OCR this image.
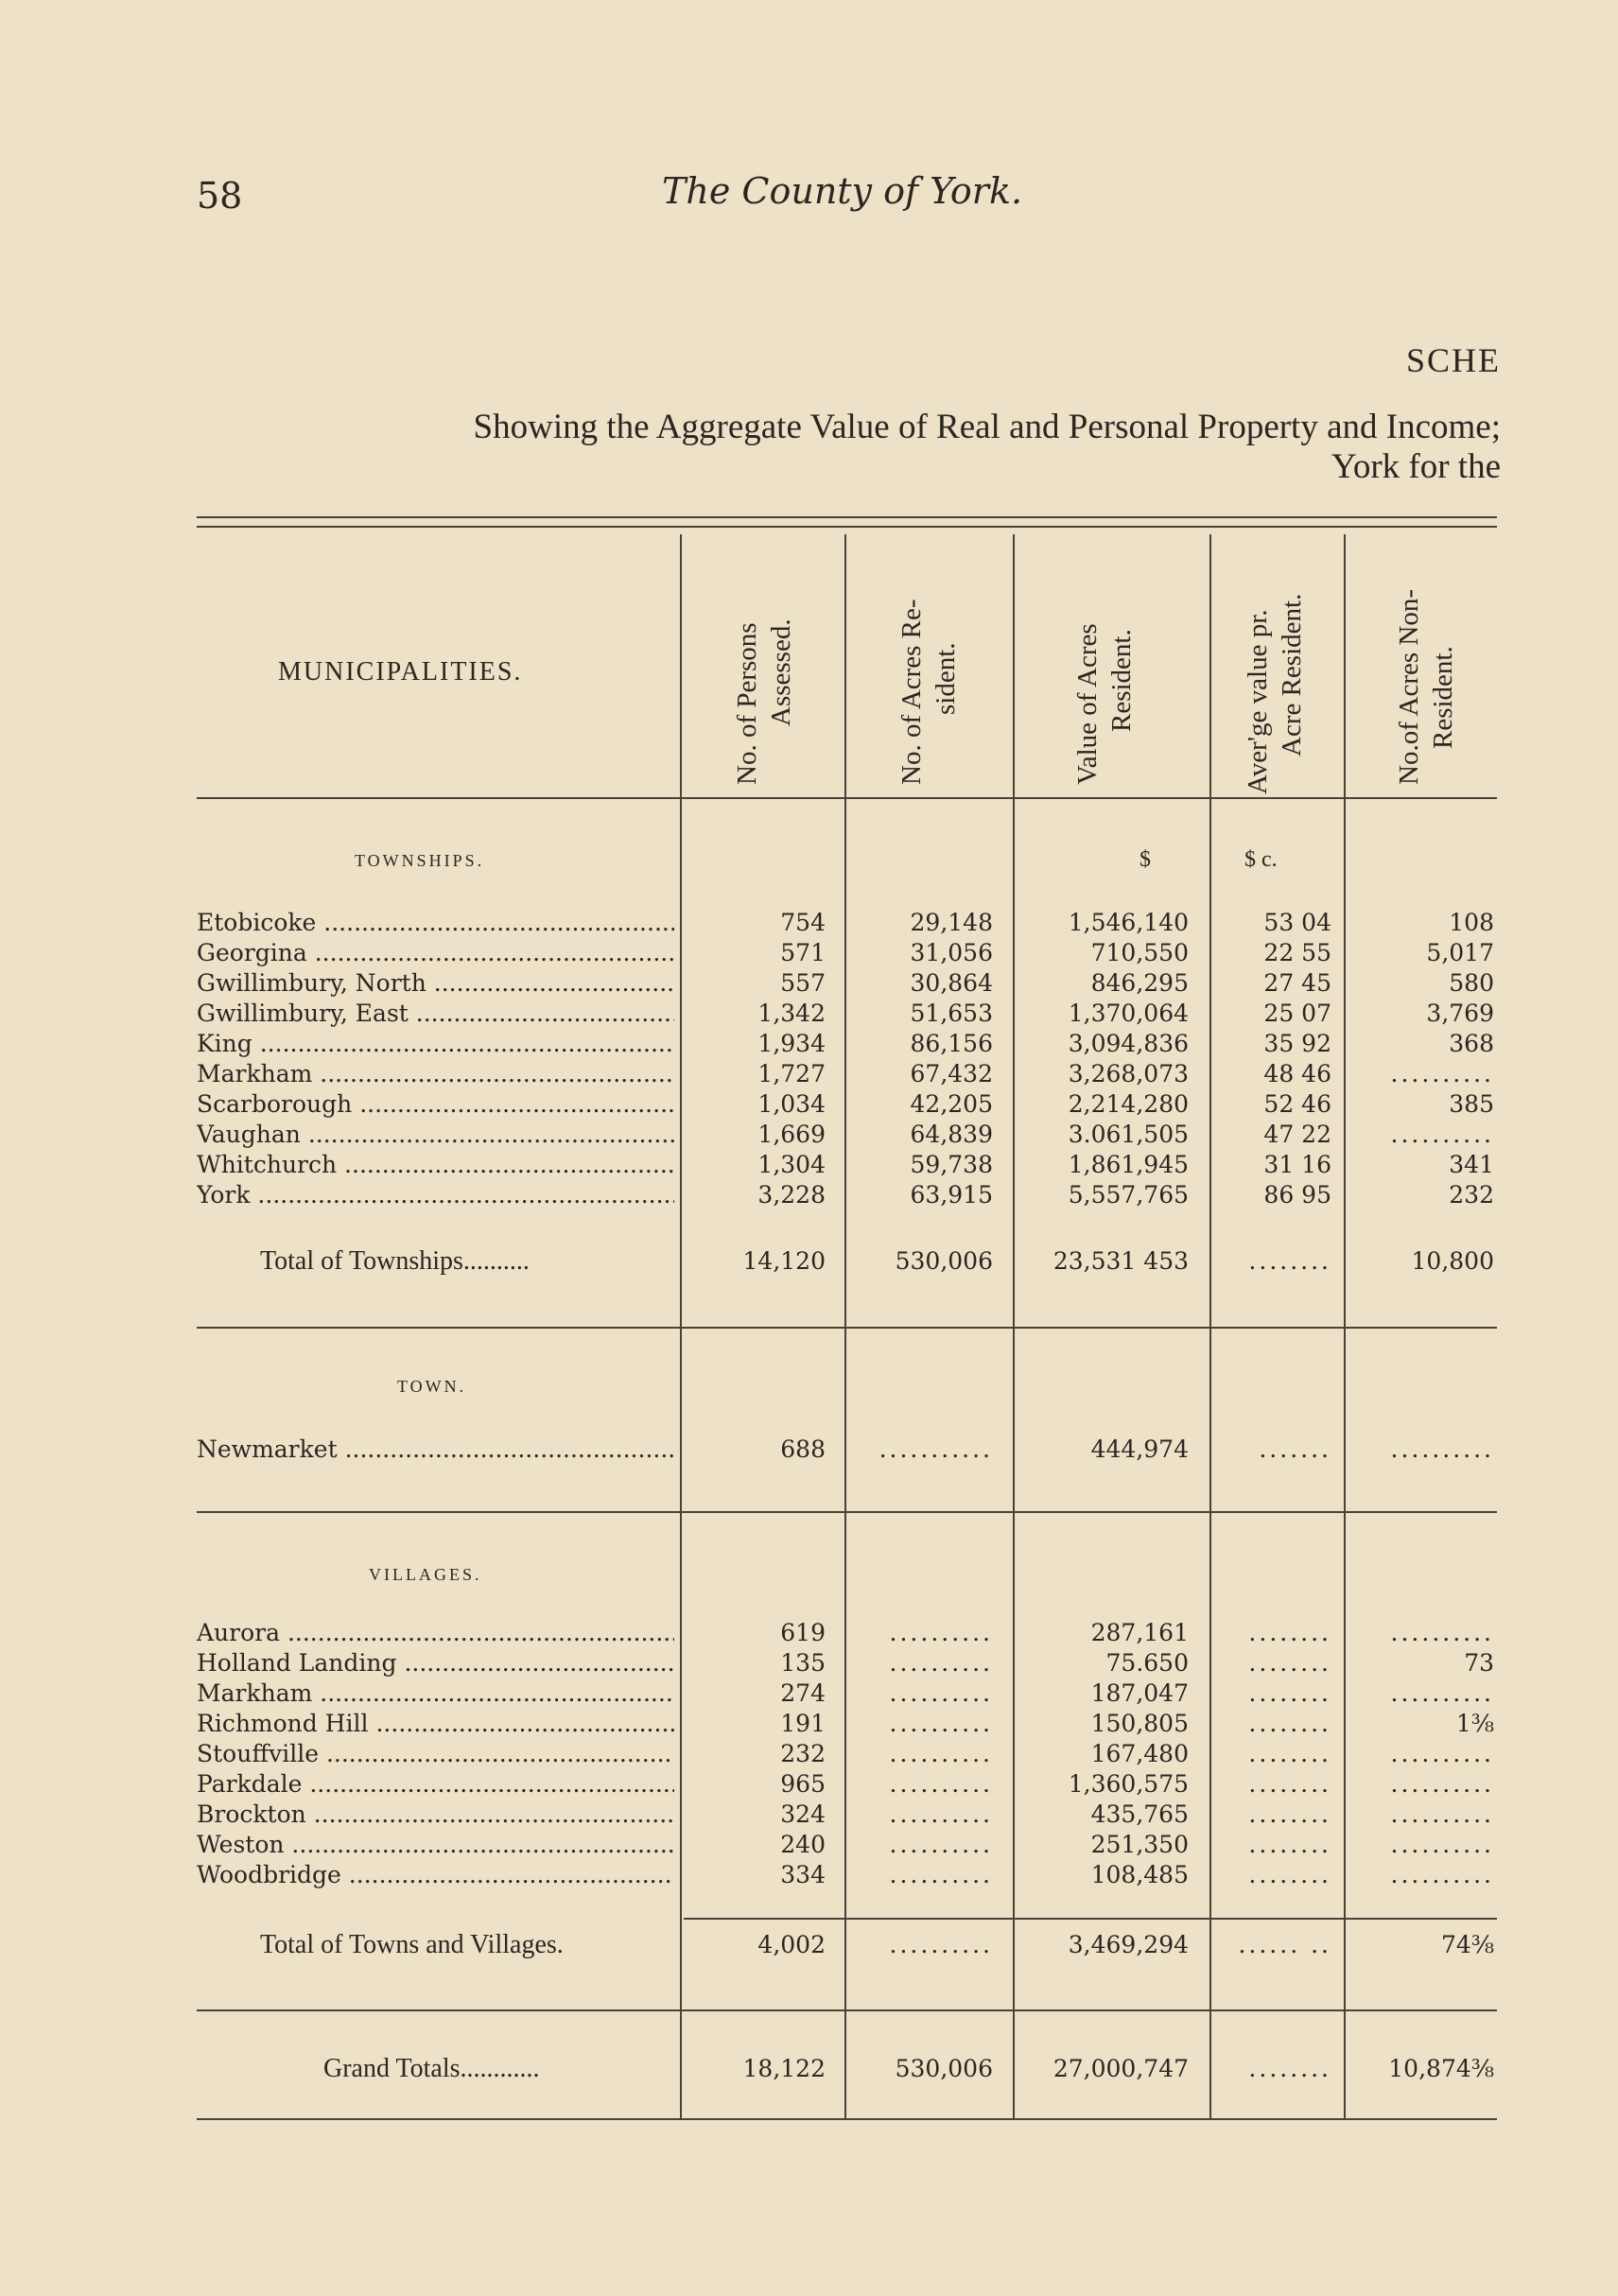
58	The County of York.
SCHE
Showing the Aggregate Value of Real and Personal Property and Income;
York for the
MUNICIPALITIES.	No. of Persons Assessed.	No. of Acres Re- sident.	Value of Acres Resident.	Aver'ge value pr. Acre Resident.	No.of Acres Non- Resident.
TOWNSHIPS.	$	$ c.
Etobicoke .....	754	29,148	1,546,140	53 04	108
Georgina .....	571	31,056	710,550	22 55	5,017
Gwillimbury, North .....	557	30,864	846,295	27 45	580
Gwillimbury, East .....	1,342	51,653	1,370,064	25 07	3,769
King .....	1,934	86,156	3,094,836	35 92	368
Markham .....	1,727	67,432	3,268,073	48 46	..........
Scarborough .....	1,034	42,205	2,214,280	52 46	385
Vaughan .....	1,669	64,839	3.061,505	47 22	..........
Whitchurch .....	1,304	59,738	1,861,945	31 16	341
York .....	3,228	63,915	5,557,765	86 95	232
Total of Townships..........	14,120	530,006	23,531 453	........	10,800
TOWN.
Newmarket .....	688	...........	444,974	.......	..........
VILLAGES.
Aurora .....	619	..........	287,161	........	..........
Holland Landing .....	135	..........	75.650	........	73
Markham .....	274	..........	187,047	........	..........
Richmond Hill .....	191	..........	150,805	........	1⅜
Stouffville .....	232	..........	167,480	........	..........
Parkdale .....	965	..........	1,360,575	........	..........
Brockton .....	324	..........	435,765	........	..........
Weston .....	240	..........	251,350	........	..........
Woodbridge .....	334	..........	108,485	........	..........
Total of Towns and Villages.	4,002	..........	3,469,294	...... ..	74⅜
Grand Totals............	18,122	530,006	27,000,747	........	10,874⅜
